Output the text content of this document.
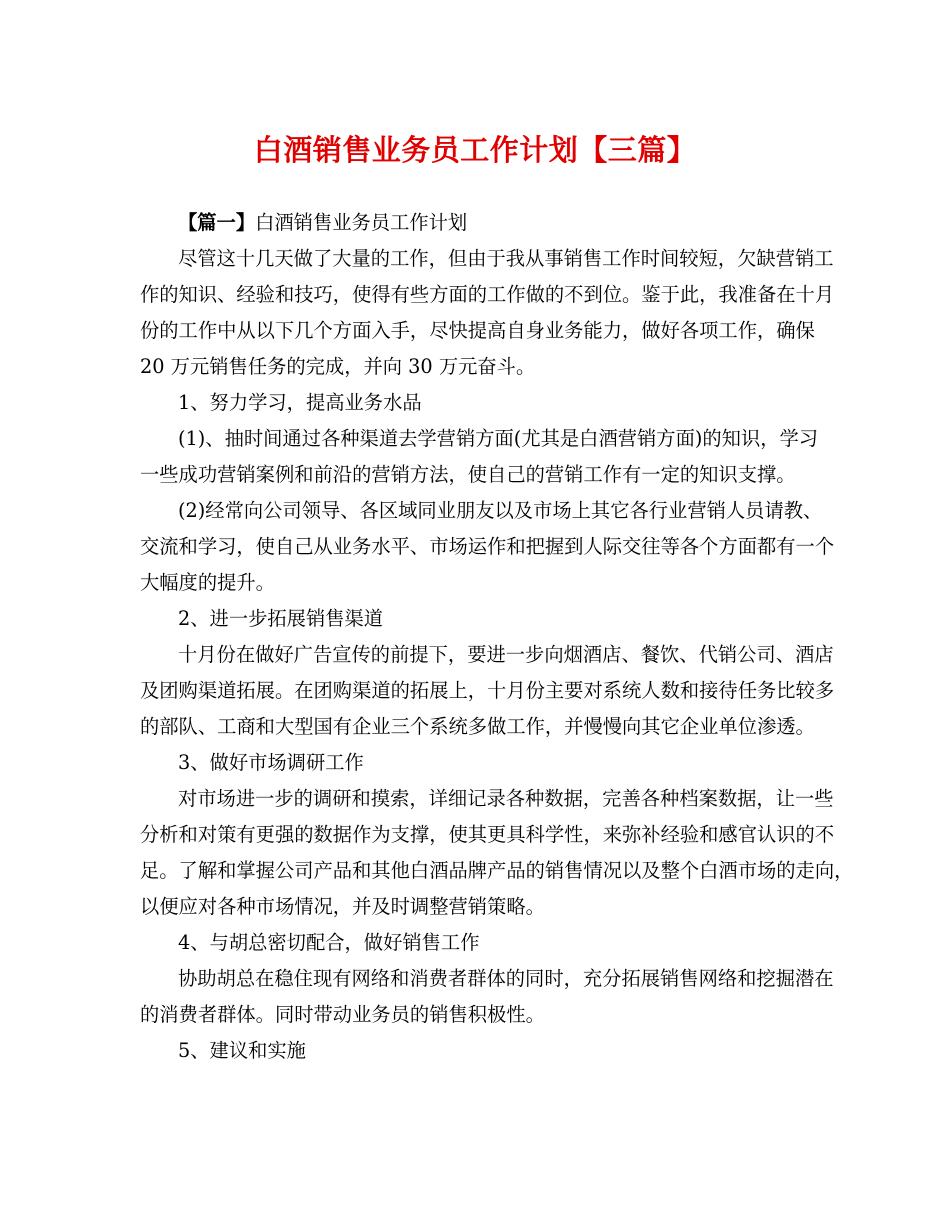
白酒销售业务员工作计划【三篇】
【篇一】白酒销售业务员工作计划
尽管这十几天做了大量的工作，但由于我从事销售工作时间较短，欠缺营销工
作的知识、经验和技巧，使得有些方面的工作做的不到位。鉴于此，我准备在十月
份的工作中从以下几个方面入手，尽快提高自身业务能力，做好各项工作，确保
20 万元销售任务的完成，并向 30 万元奋斗。
1、努力学习，提高业务水品
(1)、抽时间通过各种渠道去学营销方面(尤其是白酒营销方面)的知识，学习
一些成功营销案例和前沿的营销方法，使自己的营销工作有一定的知识支撑。
(2)经常向公司领导、各区域同业朋友以及市场上其它各行业营销人员请教、
交流和学习，使自己从业务水平、市场运作和把握到人际交往等各个方面都有一个
大幅度的提升。
2、进一步拓展销售渠道
十月份在做好广告宣传的前提下，要进一步向烟酒店、餐饮、代销公司、酒店
及团购渠道拓展。在团购渠道的拓展上，十月份主要对系统人数和接待任务比较多
的部队、工商和大型国有企业三个系统多做工作，并慢慢向其它企业单位渗透。
3、做好市场调研工作
对市场进一步的调研和摸索，详细记录各种数据，完善各种档案数据，让一些
分析和对策有更强的数据作为支撑，使其更具科学性，来弥补经验和感官认识的不
足。了解和掌握公司产品和其他白酒品牌产品的销售情况以及整个白酒市场的走向，
以便应对各种市场情况，并及时调整营销策略。
4、与胡总密切配合，做好销售工作
协助胡总在稳住现有网络和消费者群体的同时，充分拓展销售网络和挖掘潜在
的消费者群体。同时带动业务员的销售积极性。
5、建议和实施
